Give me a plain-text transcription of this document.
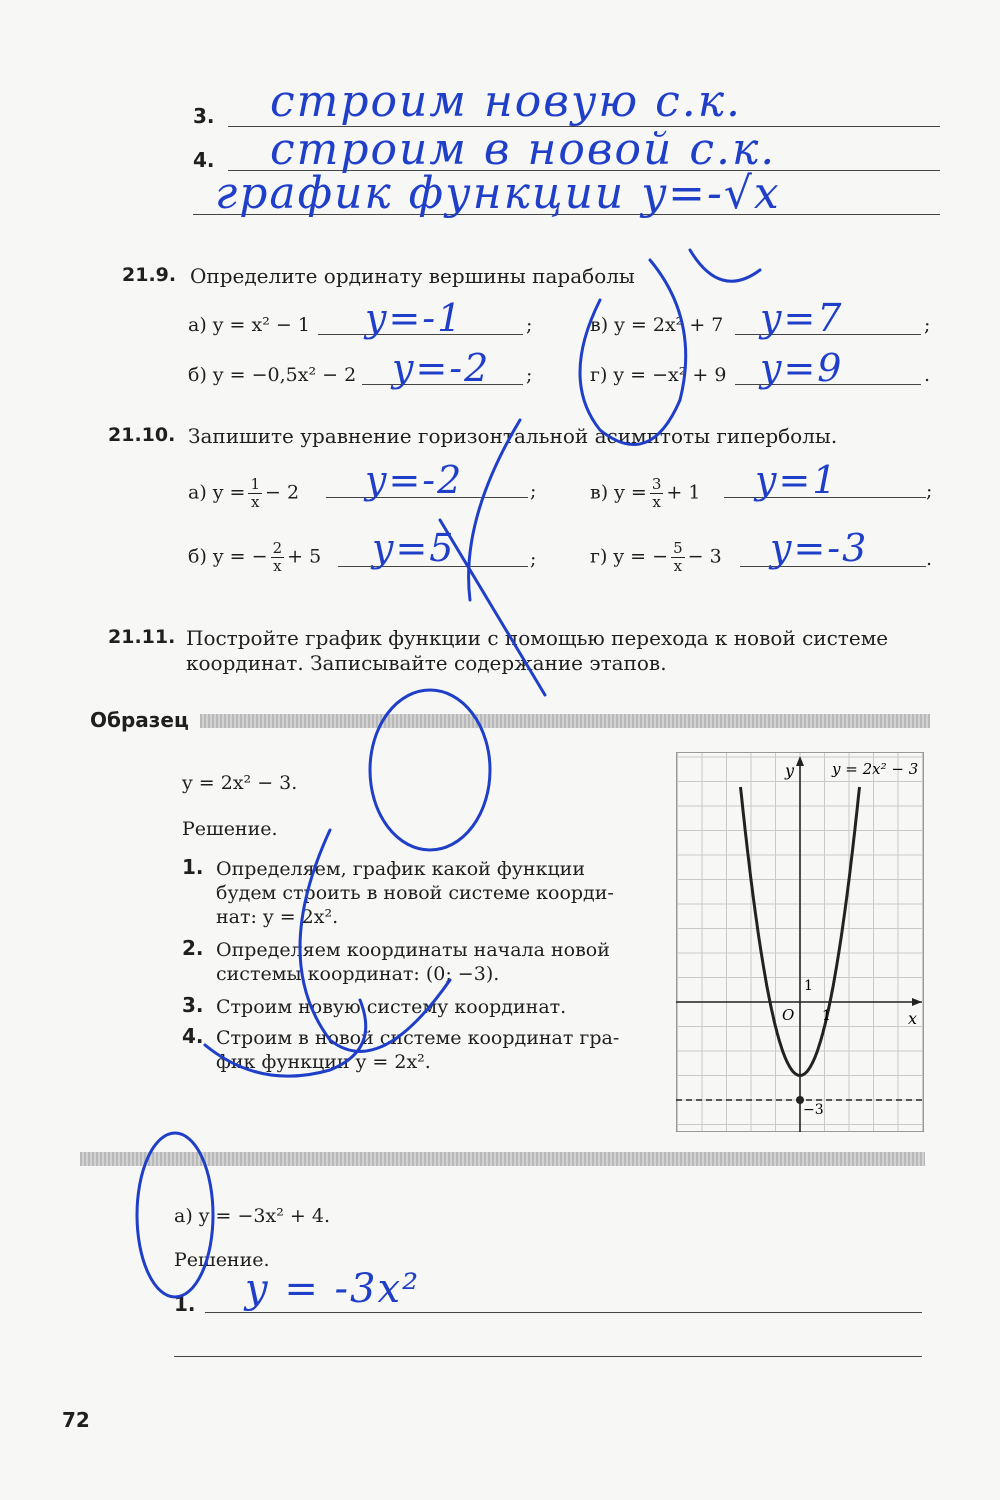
3. строим новую с.к.
4. строим в новой с.к.
график функции y=-√x
21.9. Определите ординату вершины параболы
а) y = x² − 1 y=-1	;	в) y = 2x² + 7 y=7	;
б) y = −0,5x² − 2 y=-2 ;	г) y = −x² + 9 y=9	.
21.10. Запишите уравнение горизонтальной асимптоты гиперболы.
а) $y = \frac{1}{x} - 2$ y=-2	;	в) $y = \frac{3}{x} + 1$ y=1	;
б) y = − $\frac{2}{x} + 5$ y=5	;	г) y = − $\frac{5}{x} - 3$ y=-3	.
21.11. Постройте график функции с помощью перехода к новой системе
координат. Записывайте содержание этапов.
Образец
y = 2x² − 3.
Решение.
1. Определяем, график какой функции
будем строить в новой системе коорди-
нат: y = 2x².
2. Определяем координаты начала новой
системы координат: (0; −3).
3. Строим новую систему координат.
4. Строим в новой системе координат гра-
фик функции y = 2x².
y	y = 2x² − 3
x
O
1
1
−3
а) y = −3x² + 4.
Решение.
1. y = -3x²
72
